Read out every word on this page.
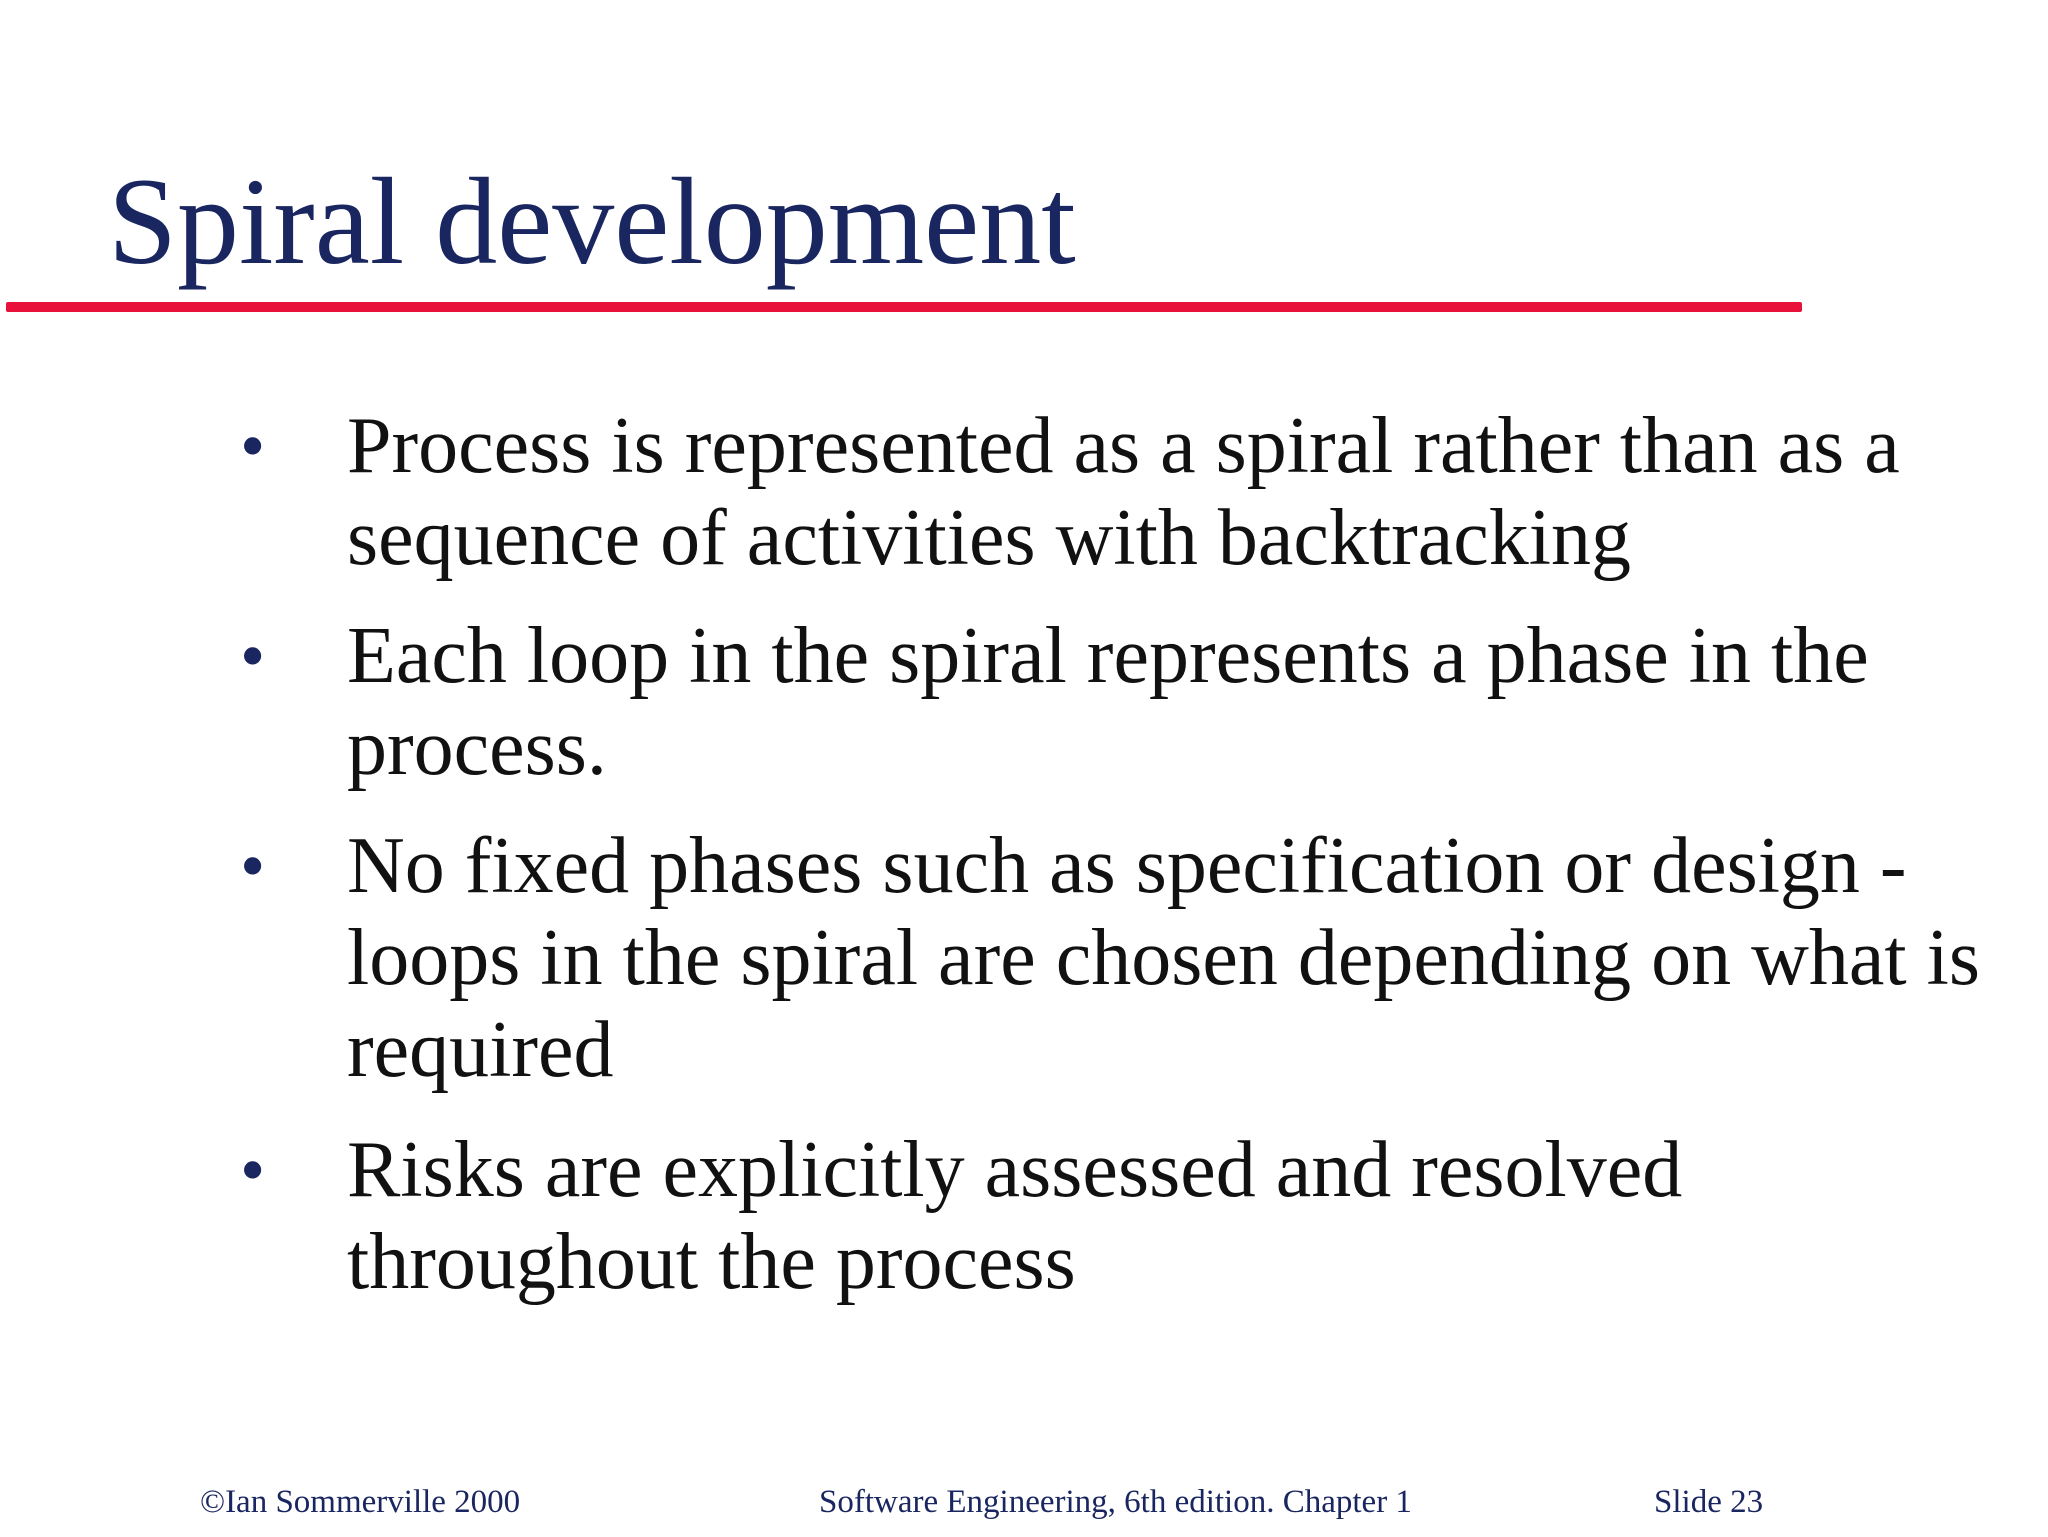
Spiral development
• Process is represented as a spiral rather than as a
sequence of activities with backtracking
• Each loop in the spiral represents a phase in the
process.
• No fixed phases such as specification or design -
loops in the spiral are chosen depending on what is
required
• Risks are explicitly assessed and resolved
throughout the process
©Ian Sommerville 2000	Software Engineering, 6th edition. Chapter 1	Slide 23
